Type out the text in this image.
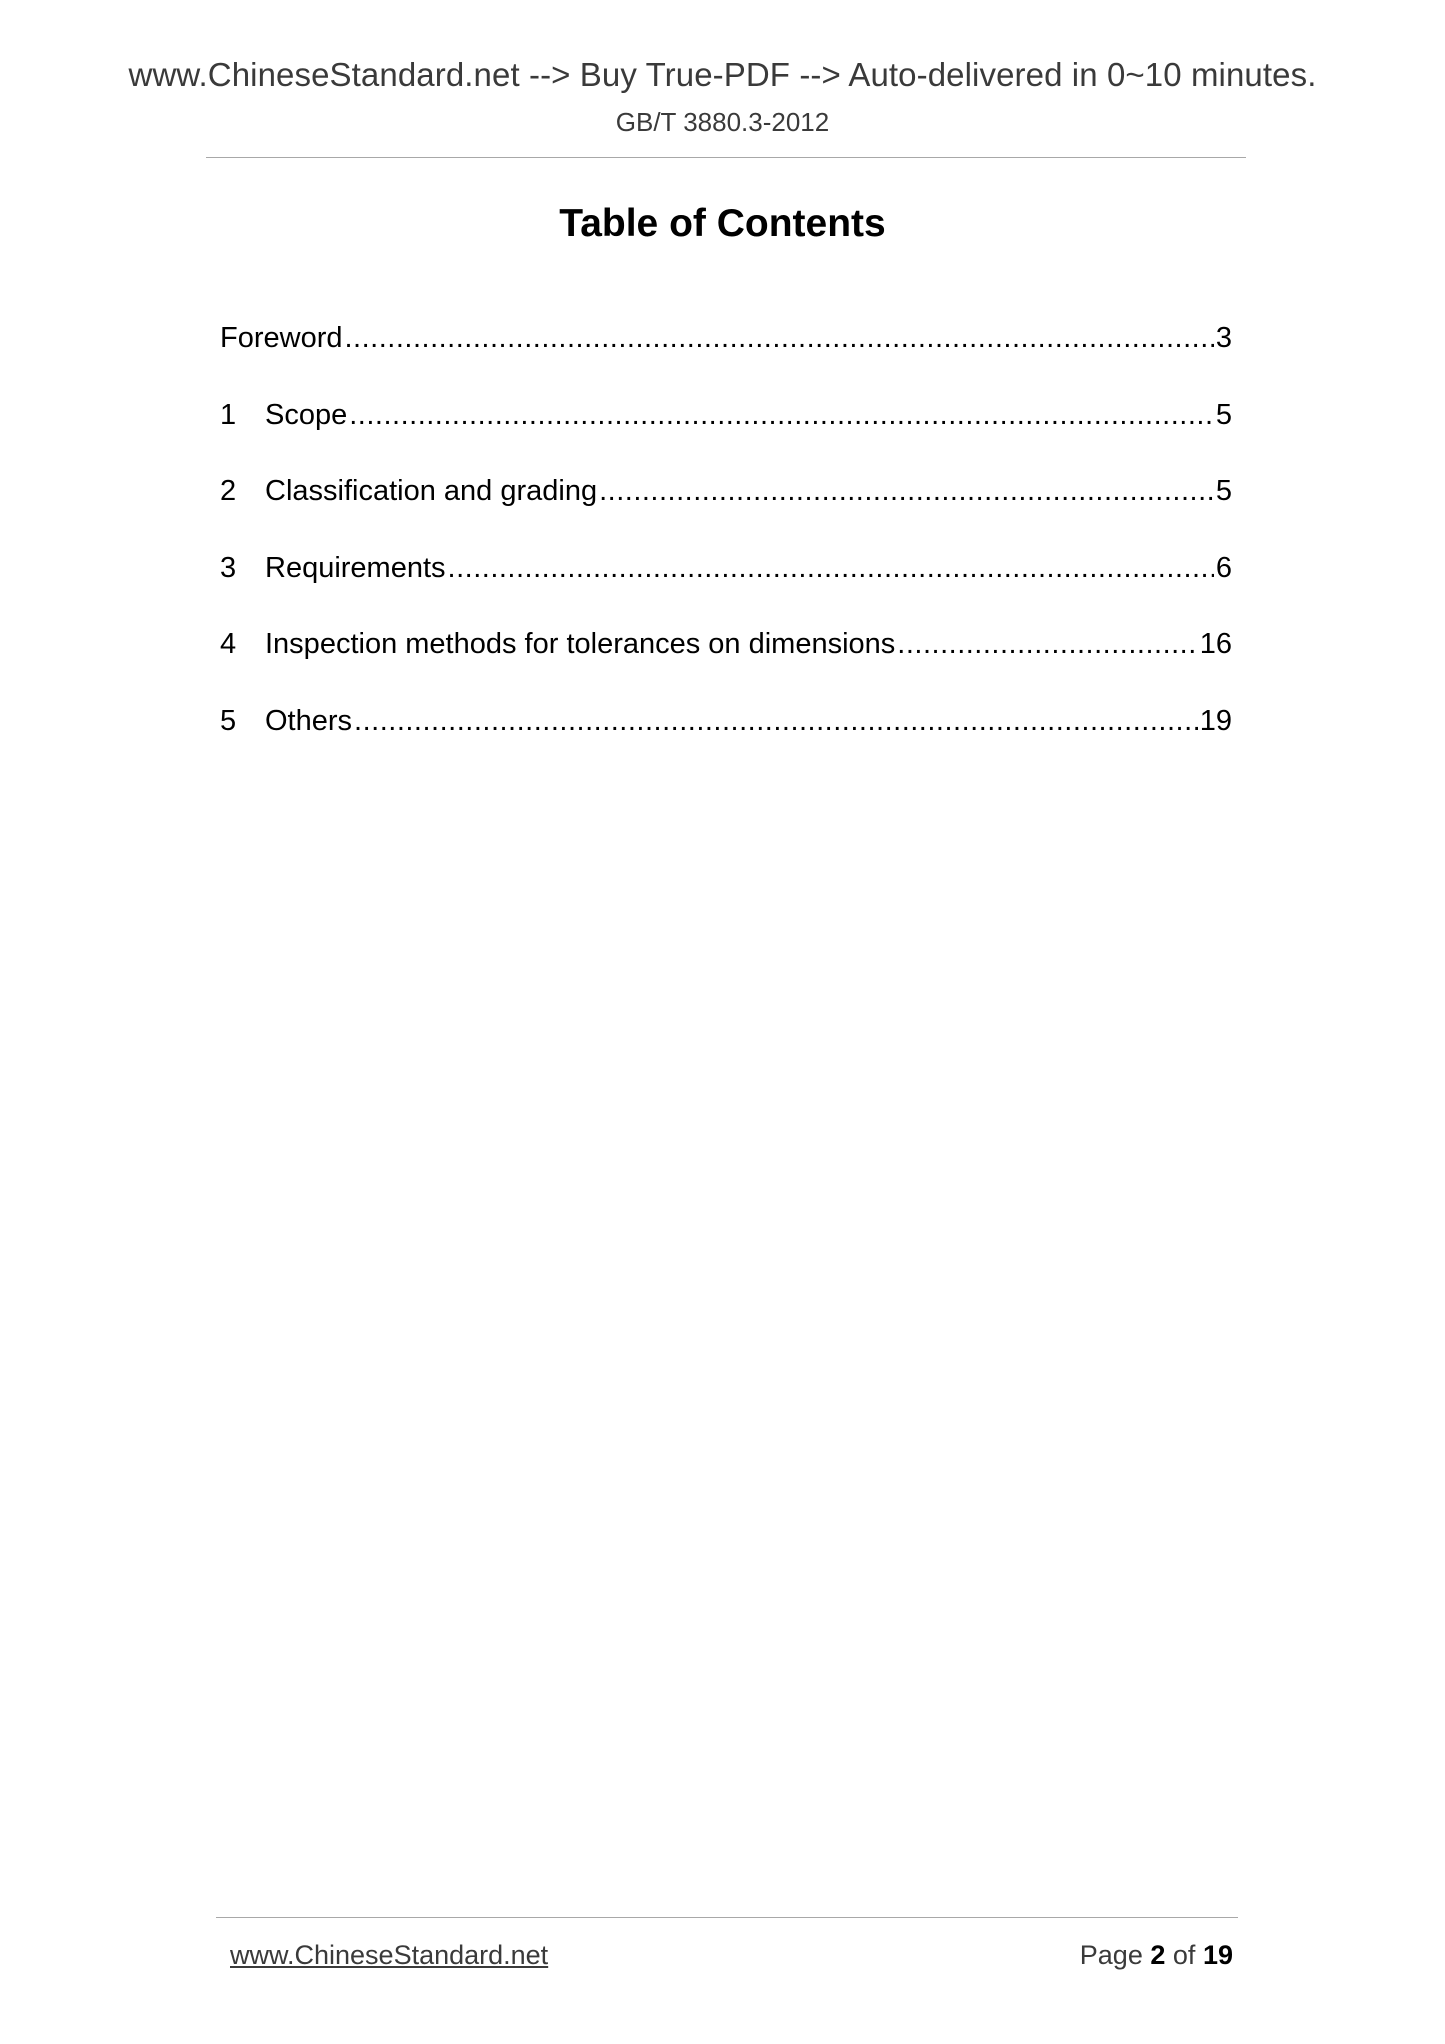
www.ChineseStandard.net --> Buy True-PDF --> Auto-delivered in 0~10 minutes.
GB/T 3880.3-2012
Table of Contents
Foreword .....	3
1 Scope .....	5
2 Classification and grading .....	5
3 Requirements .....	6
4 Inspection methods for tolerances on dimensions .....	16
5 Others .....	19
www.ChineseStandard.net	Page 2 of 19
